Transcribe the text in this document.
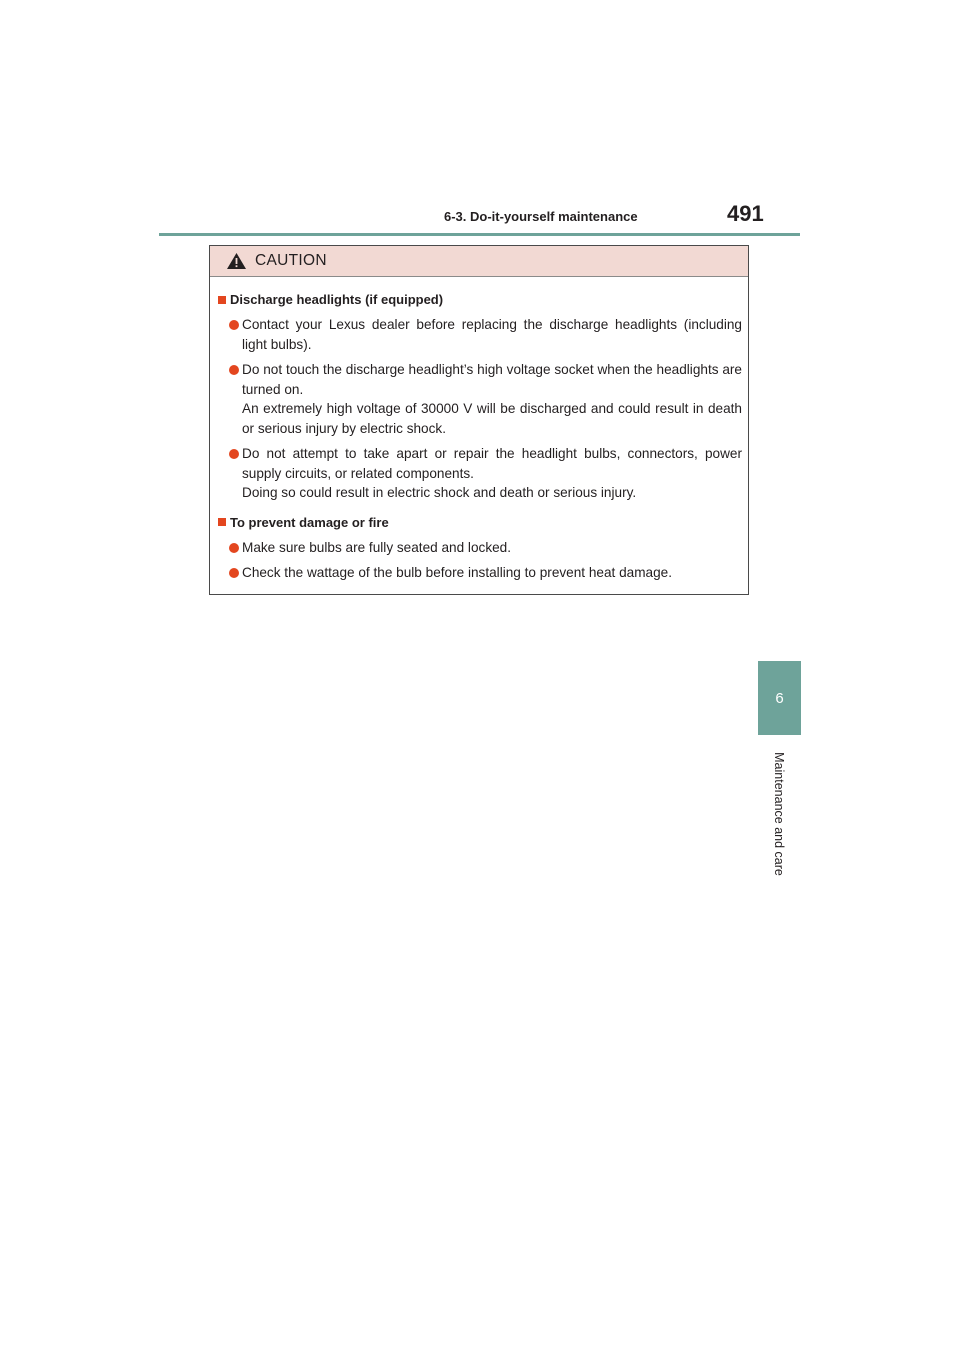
6-3. Do-it-yourself maintenance	491
6
Maintenance and care
CAUTION
Discharge headlights (if equipped)
Contact your Lexus dealer before replacing the discharge headlights (including light bulbs).
Do not touch the discharge headlight’s high voltage socket when the headlights are turned on.
An extremely high voltage of 30000 V will be discharged and could result in death or serious injury by electric shock.
Do not attempt to take apart or repair the headlight bulbs, connectors, power supply circuits, or related components.
Doing so could result in electric shock and death or serious injury.
To prevent damage or fire
Make sure bulbs are fully seated and locked.
Check the wattage of the bulb before installing to prevent heat damage.
